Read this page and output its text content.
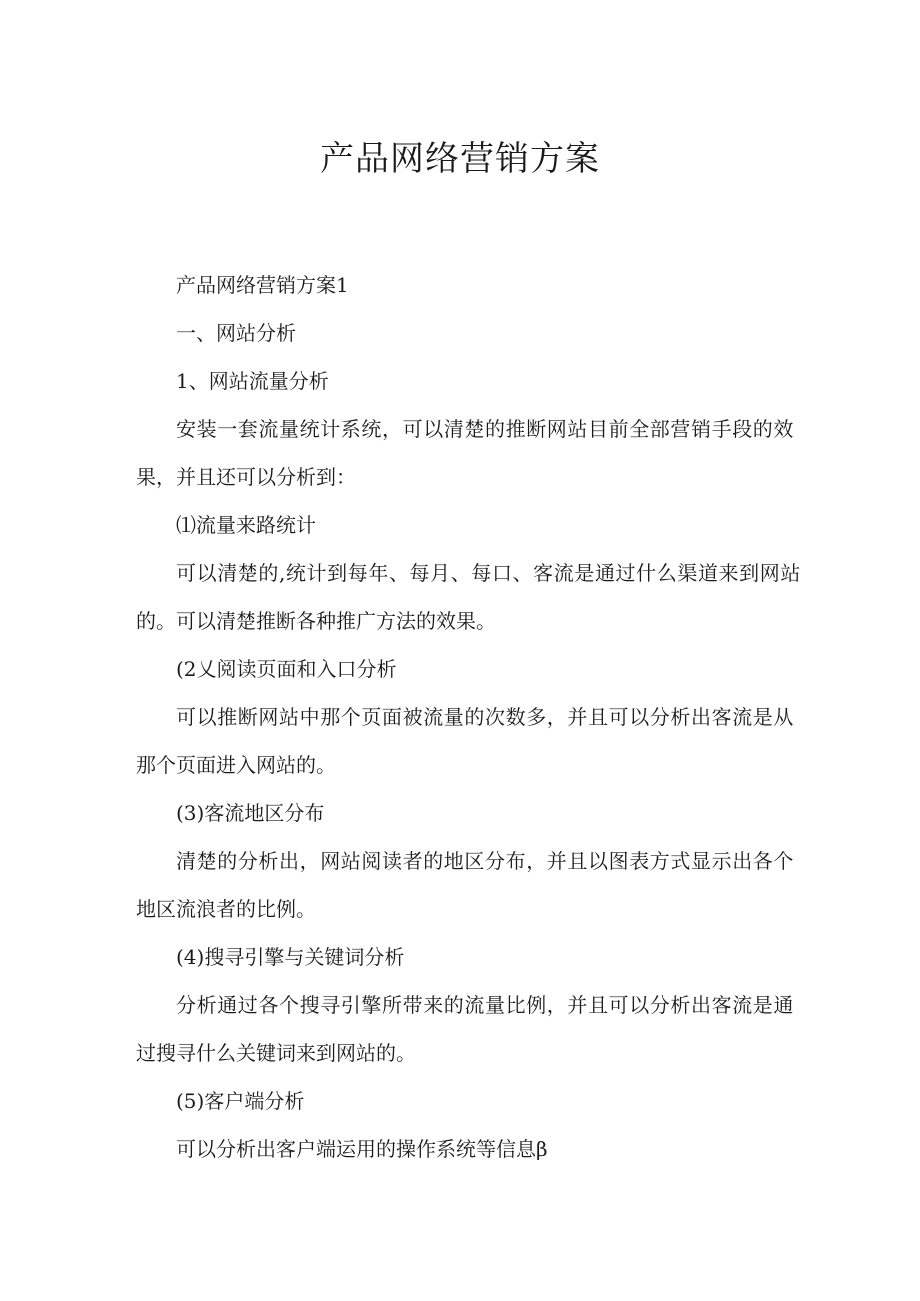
产品网络营销方案

产品网络营销方案1

一、网站分析

1、网站流量分析

安装一套流量统计系统，可以清楚的推断网站目前全部营销手段的效

果，并且还可以分析到：

⑴流量来路统计

可以清楚的,统计到每年、每月、每口、客流是通过什么渠道来到网站

的。可以清楚推断各种推广方法的效果。

(2乂阅读页面和入口分析

可以推断网站中那个页面被流量的次数多，并且可以分析出客流是从

那个页面进入网站的。

(3)客流地区分布

清楚的分析出，网站阅读者的地区分布，并且以图表方式显示出各个

地区流浪者的比例。

(4)搜寻引擎与关键词分析

分析通过各个搜寻引擎所带来的流量比例，并且可以分析出客流是通

过搜寻什么关键词来到网站的。

(5)客户端分析

可以分析出客户端运用的操作系统等信息β
